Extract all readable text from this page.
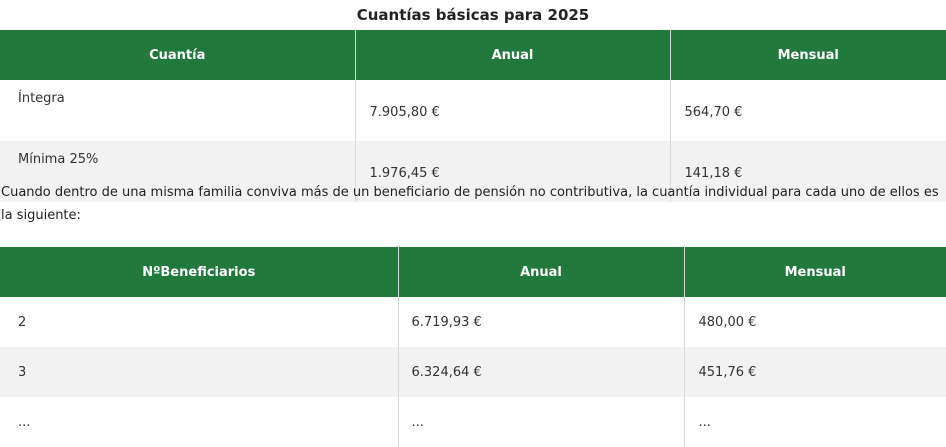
Cuantías básicas para 2025
Cuantía	Anual	Mensual
Íntegra	7.905,80 €	564,70 €
Mínima 25%	1.976,45 €	141,18 €
Cuando dentro de una misma familia conviva más de un beneficiario de pensión no contributiva, la cuantía individual para cada uno de ellos es la siguiente:
NºBeneficiarios	Anual	Mensual
2	6.719,93 €	480,00 €
3	6.324,64 €	451,76 €
...	...	...
